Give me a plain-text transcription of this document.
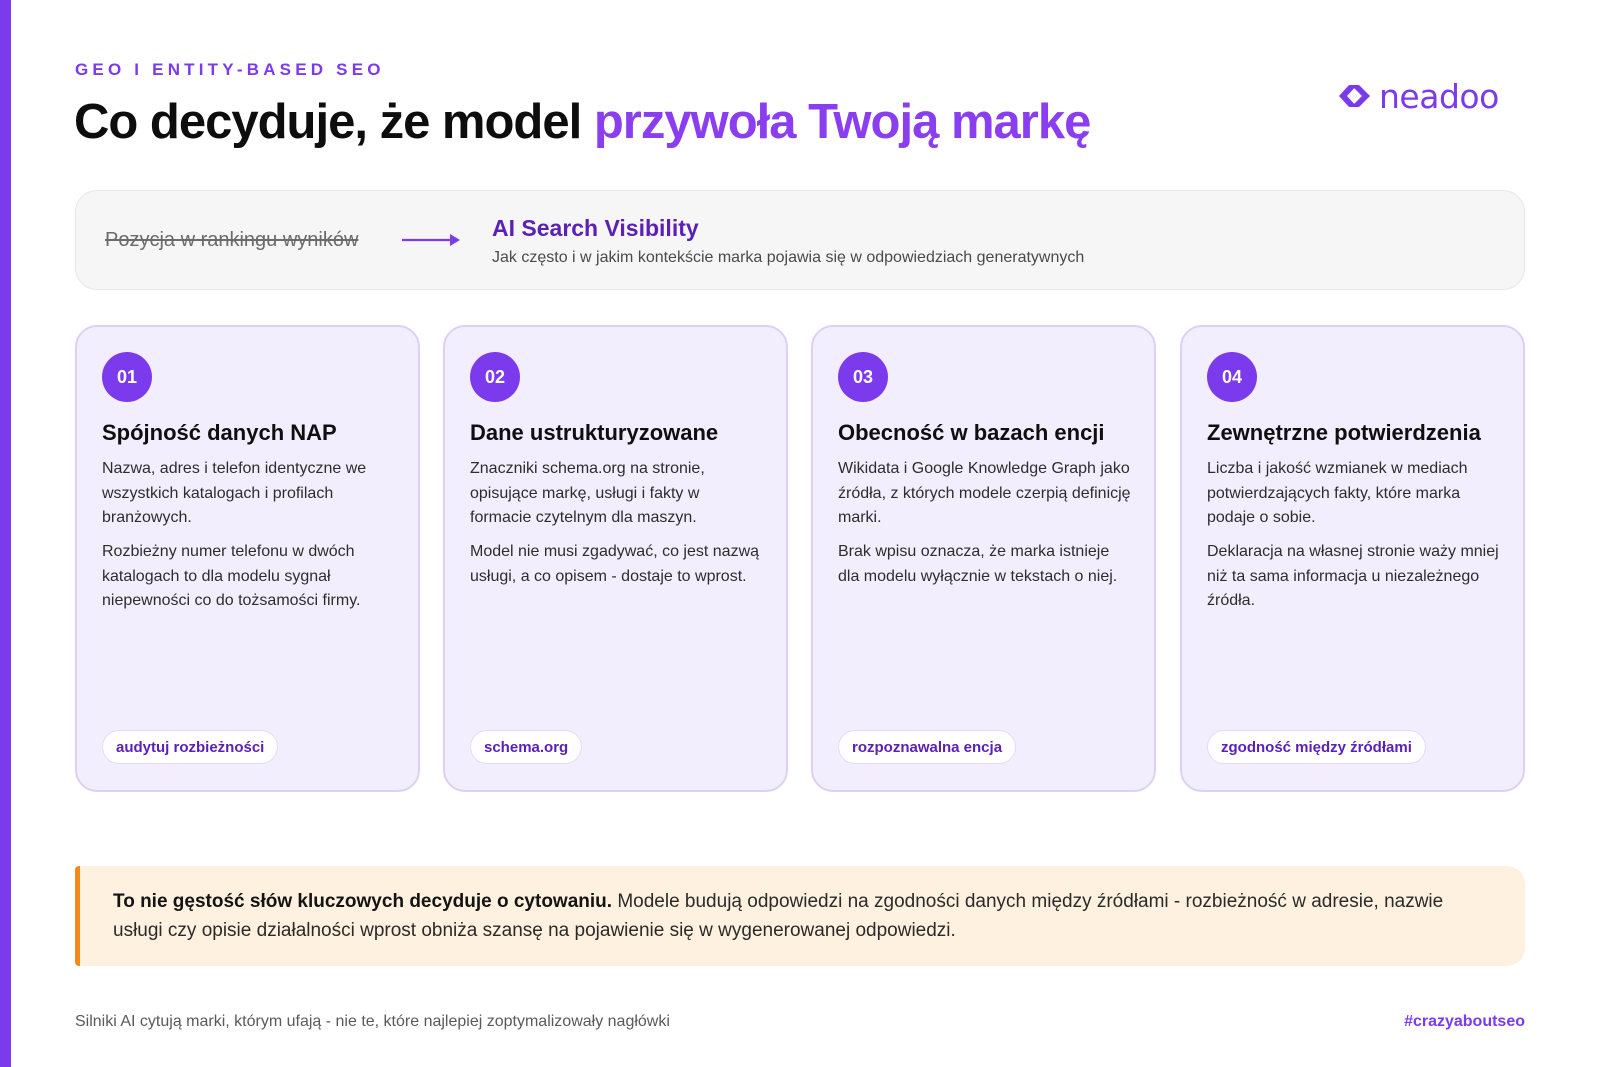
GEO I ENTITY-BASED SEO
Co decyduje, że model przywoła Twoją markę	neadoo
Pozycja w rankingu wyników	AI Search Visibility
Jak często i w jakim kontekście marka pojawia się w odpowiedziach generatywnych
01
Spójność danych NAP

Nazwa, adres i telefon identyczne we wszystkich katalogach i profilach branżowych.

Rozbieżny numer telefonu w dwóch katalogach to dla modelu sygnał niepewności co do tożsamości firmy.

audytuj rozbieżności
02
Dane ustrukturyzowane

Znaczniki schema.org na stronie, opisujące markę, usługi i fakty w formacie czytelnym dla maszyn.

Model nie musi zgadywać, co jest nazwą usługi, a co opisem - dostaje to wprost.

schema.org
03
Obecność w bazach encji

Wikidata i Google Knowledge Graph jako źródła, z których modele czerpią definicję marki.

Brak wpisu oznacza, że marka istnieje dla modelu wyłącznie w tekstach o niej.

rozpoznawalna encja
04
Zewnętrzne potwierdzenia

Liczba i jakość wzmianek w mediach potwierdzających fakty, które marka podaje o sobie.

Deklaracja na własnej stronie waży mniej niż ta sama informacja u niezależnego źródła.

zgodność między źródłami

To nie gęstość słów kluczowych decyduje o cytowaniu. Modele budują odpowiedzi na zgodności danych między źródłami - rozbieżność w adresie, nazwie usługi czy opisie działalności wprost obniża szansę na pojawienie się w wygenerowanej odpowiedzi.

Silniki AI cytują marki, którym ufają - nie te, które najlepiej zoptymalizowały nagłówki	#crazyaboutseo
